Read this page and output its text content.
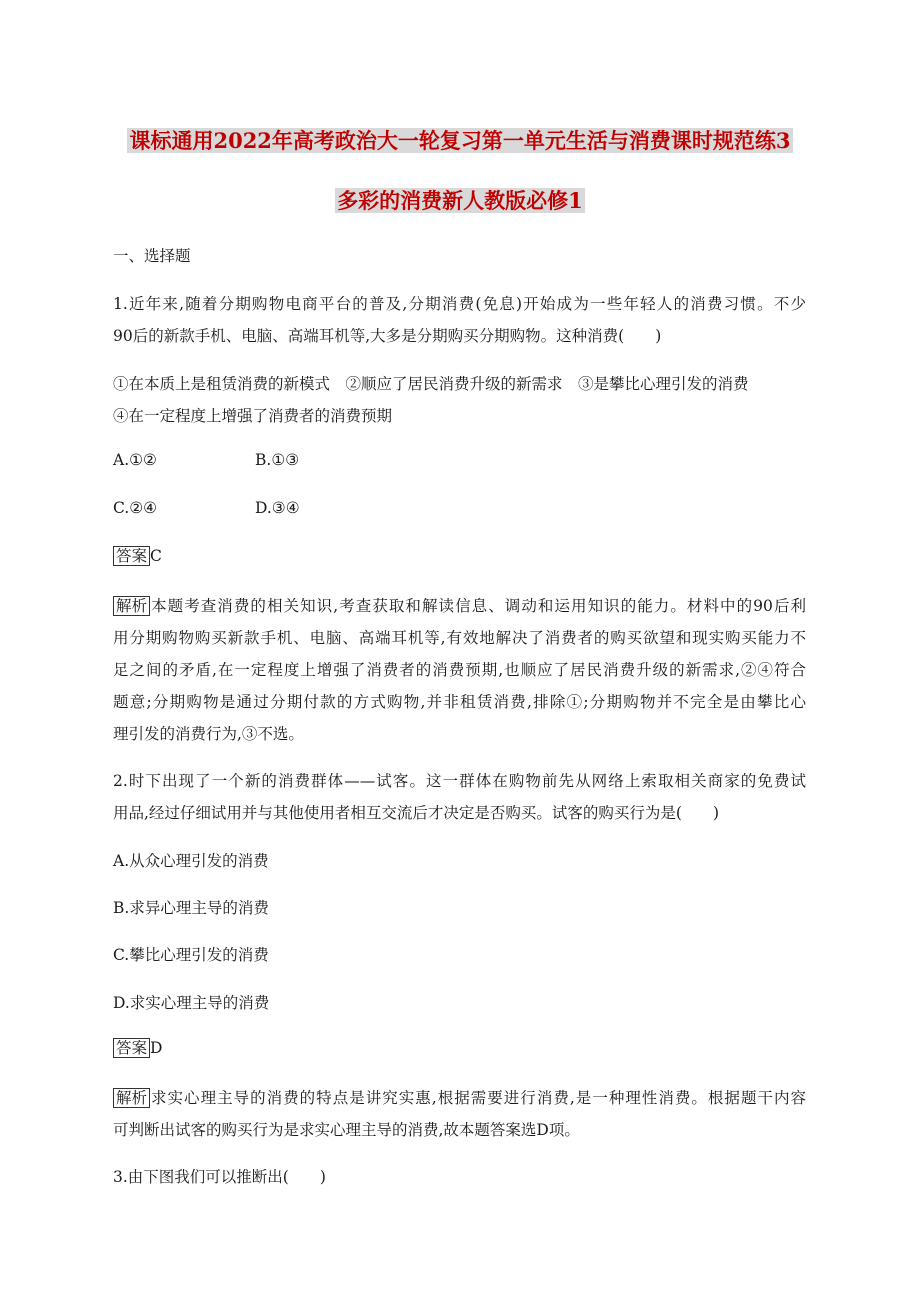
课标通用2022年高考政治大一轮复习第一单元生活与消费课时规范练3
多彩的消费新人教版必修1
一、选择题
1.近年来,随着分期购物电商平台的普及,分期消费(免息)开始成为一些年轻人的消费习惯。不少
90后的新款手机、电脑、高端耳机等,大多是分期购买分期购物。这种消费(　　)
①在本质上是租赁消费的新模式　②顺应了居民消费升级的新需求　③是攀比心理引发的消费
④在一定程度上增强了消费者的消费预期
A.①②	B.①③
C.②④	D.③④
答案 C
解析 本题考查消费的相关知识,考查获取和解读信息、调动和运用知识的能力。材料中的90后利
用分期购物购买新款手机、电脑、高端耳机等,有效地解决了消费者的购买欲望和现实购买能力不
足之间的矛盾,在一定程度上增强了消费者的消费预期,也顺应了居民消费升级的新需求,②④符合
题意;分期购物是通过分期付款的方式购物,并非租赁消费,排除①;分期购物并不完全是由攀比心
理引发的消费行为,③不选。
2.时下出现了一个新的消费群体——试客。这一群体在购物前先从网络上索取相关商家的免费试
用品,经过仔细试用并与其他使用者相互交流后才决定是否购买。试客的购买行为是(　　)
A.从众心理引发的消费
B.求异心理主导的消费
C.攀比心理引发的消费
D.求实心理主导的消费
答案 D
解析 求实心理主导的消费的特点是讲究实惠,根据需要进行消费,是一种理性消费。根据题干内容
可判断出试客的购买行为是求实心理主导的消费,故本题答案选D项。
3.由下图我们可以推断出(　　)
